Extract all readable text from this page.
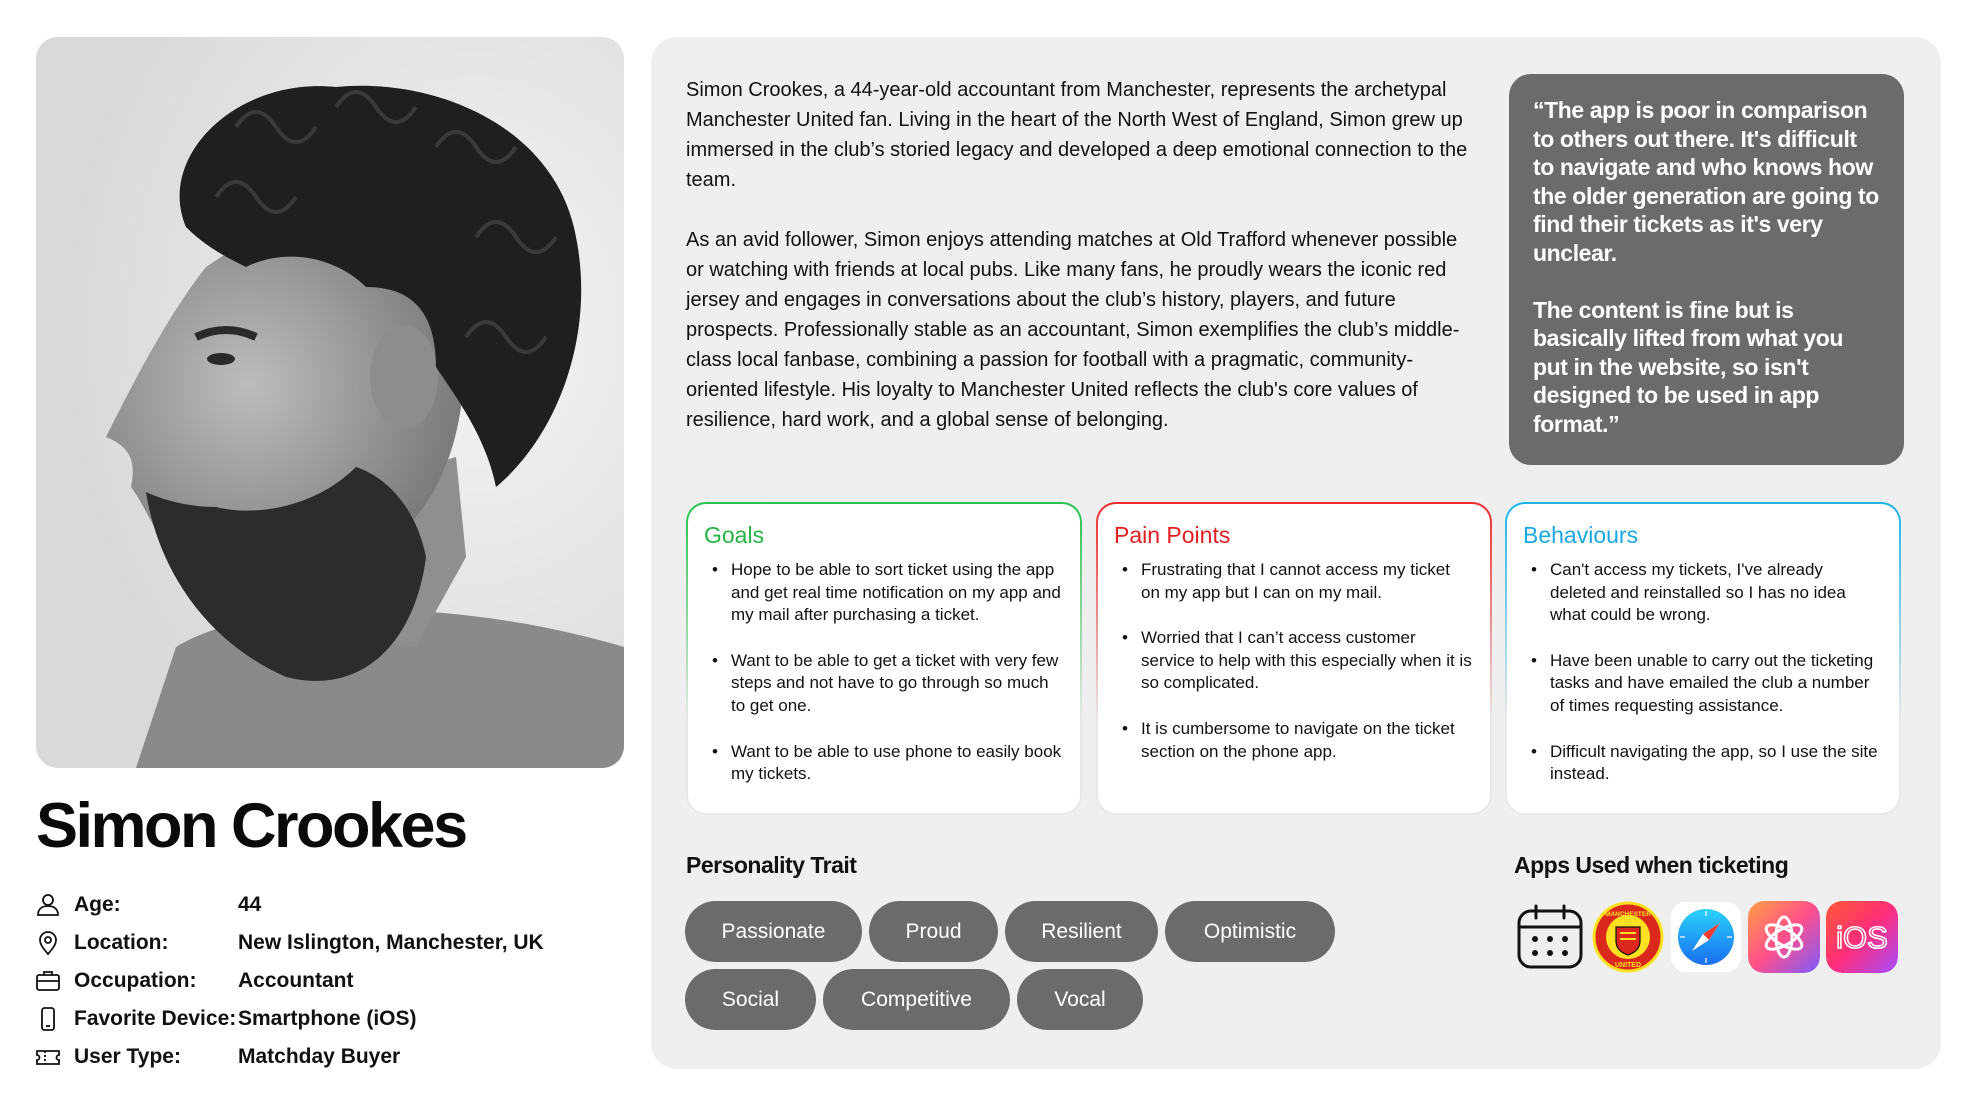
Simon Crookes
Age:	44
Location:	New Islington, Manchester, UK
Occupation:	Accountant
Favorite Device: Smartphone (iOS)
User Type:	Matchday Buyer

Simon Crookes, a 44-year-old accountant from Manchester, represents the archetypal Manchester United fan. Living in the heart of the North West of England, Simon grew up immersed in the club’s storied legacy and developed a deep emotional connection to the team.

As an avid follower, Simon enjoys attending matches at Old Trafford whenever possible or watching with friends at local pubs. Like many fans, he proudly wears the iconic red jersey and engages in conversations about the club’s history, players, and future prospects. Professionally stable as an accountant, Simon exemplifies the club’s middle-class local fanbase, combining a passion for football with a pragmatic, community-oriented lifestyle. His loyalty to Manchester United reflects the club's core values of resilience, hard work, and a global sense of belonging.

“The app is poor in comparison to others out there. It's difficult to navigate and who knows how the older generation are going to find their tickets as it's very unclear.

The content is fine but is basically lifted from what you put in the website, so isn't designed to be used in app format.”

Goals
• Hope to be able to sort ticket using the app and get real time notification on my app and my mail after purchasing a ticket.
• Want to be able to get a ticket with very few steps and not have to go through so much to get one.
• Want to be able to use phone to easily book my tickets.
Pain Points
• Frustrating that I cannot access my ticket on my app but I can on my mail.
• Worried that I can’t access customer service to help with this especially when it is so complicated.
• It is cumbersome to navigate on the ticket section on the phone app.
Behaviours
• Can't access my tickets, I've already deleted and reinstalled so I has no idea what could be wrong.
• Have been unable to carry out the ticketing tasks and have emailed the club a number of times requesting assistance.
• Difficult navigating the app, so I use the site instead.
Personality Trait
Passionate	Proud	Resilient	Optimistic
Social	Competitive	Vocal
Apps Used when ticketing
MANCHESTER
UNITED
iOS
